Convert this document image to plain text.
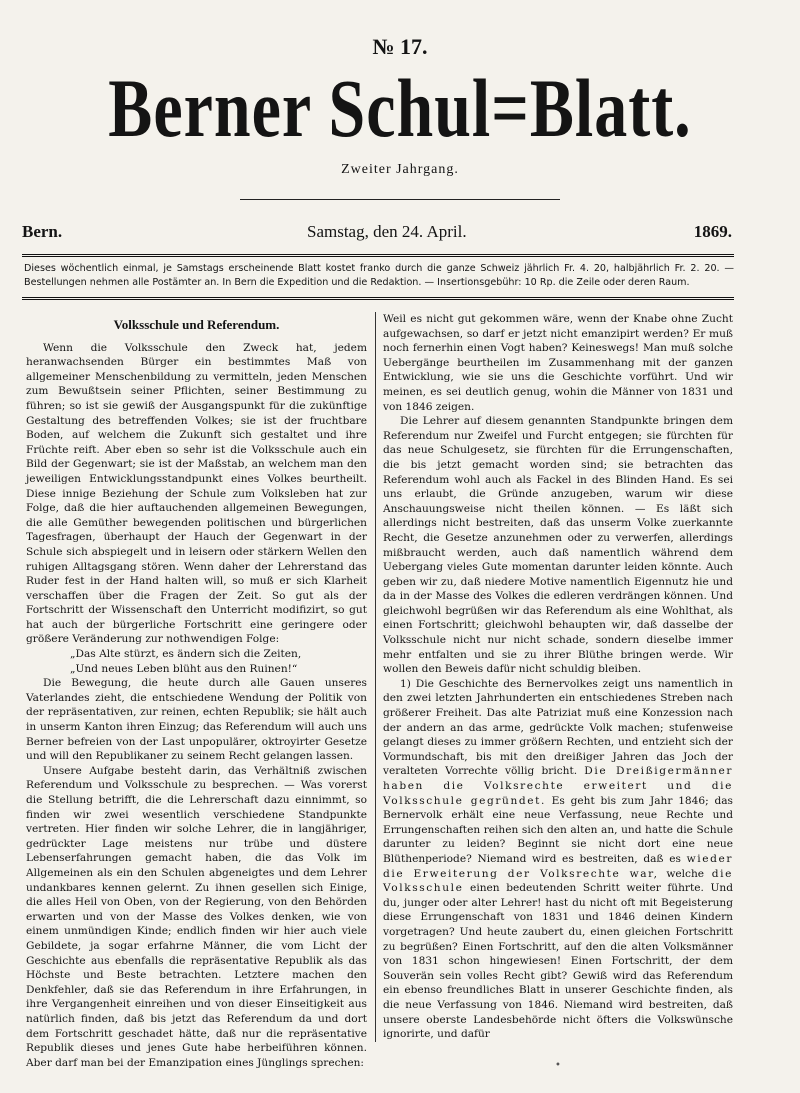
№ 17.
Berner Schul=Blatt.
Zweiter Jahrgang.
Bern.	Samstag, den 24. April.	1869.
Dieses wöchentlich einmal, je Samstags erscheinende Blatt kostet franko durch die ganze Schweiz jährlich Fr. 4. 20, halbjährlich Fr. 2. 20. — Bestellungen nehmen alle Postämter an. In Bern die Expedition und die Redaktion. — Insertionsgebühr: 10 Rp. die Zeile oder deren Raum.
Volksschule und Referendum.

Wenn die Volksschule den Zweck hat, jedem heranwachsenden Bürger ein bestimmtes Maß von allgemeiner Menschenbildung zu vermitteln, jeden Menschen zum Bewußtsein seiner Pflichten, seiner Bestimmung zu führen; so ist sie gewiß der Ausgangspunkt für die zukünftige Gestaltung des betreffenden Volkes; sie ist der fruchtbare Boden, auf welchem die Zukunft sich gestaltet und ihre Früchte reift. Aber eben so sehr ist die Volksschule auch ein Bild der Gegenwart; sie ist der Maßstab, an welchem man den jeweiligen Entwicklungsstandpunkt eines Volkes beurtheilt. Diese innige Beziehung der Schule zum Volksleben hat zur Folge, daß die hier auftauchenden allgemeinen Bewegungen, die alle Gemüther bewegenden politischen und bürgerlichen Tagesfragen, überhaupt der Hauch der Gegenwart in der Schule sich abspiegelt und in leisern oder stärkern Wellen den ruhigen Alltagsgang stören. Wenn daher der Lehrerstand das Ruder fest in der Hand halten will, so muß er sich Klarheit verschaffen über die Fragen der Zeit. So gut als der Fortschritt der Wissenschaft den Unterricht modifizirt, so gut hat auch der bürgerliche Fortschritt eine geringere oder größere Veränderung zur nothwendigen Folge:

„Das Alte stürzt, es ändern sich die Zeiten,

„Und neues Leben blüht aus den Ruinen!“

Die Bewegung, die heute durch alle Gauen unseres Vaterlandes zieht, die entschiedene Wendung der Politik von der repräsentativen, zur reinen, echten Republik; sie hält auch in unserm Kanton ihren Einzug; das Referendum will auch uns Berner befreien von der Last unpopulärer, oktroyirter Gesetze und will den Republikaner zu seinem Recht gelangen lassen.

Unsere Aufgabe besteht darin, das Verhältniß zwischen Referendum und Volksschule zu besprechen. — Was vorerst die Stellung betrifft, die die Lehrerschaft dazu einnimmt, so finden wir zwei wesentlich verschiedene Standpunkte vertreten. Hier finden wir solche Lehrer, die in langjähriger, gedrückter Lage meistens nur trübe und düstere Lebenserfahrungen gemacht haben, die das Volk im Allgemeinen als ein den Schulen abgeneigtes und dem Lehrer undankbares kennen gelernt. Zu ihnen gesellen sich Einige, die alles Heil von Oben, von der Regierung, von den Behörden erwarten und von der Masse des Volkes denken, wie von einem unmündigen Kinde; endlich finden wir hier auch viele Gebildete, ja sogar erfahrne Männer, die vom Licht der Geschichte aus ebenfalls die repräsentative Republik als das Höchste und Beste betrachten. Letztere machen den Denkfehler, daß sie das Referendum in ihre Erfahrungen, in ihre Vergangenheit einreihen und von dieser Einseitigkeit aus natürlich finden, daß bis jetzt das Referendum da und dort dem Fortschritt geschadet hätte, daß nur die repräsentative Republik dieses und jenes Gute habe herbeiführen können. Aber darf man bei der Emanzipation eines Jünglings sprechen:

Weil es nicht gut gekommen wäre, wenn der Knabe ohne Zucht aufgewachsen, so darf er jetzt nicht emanzipirt werden? Er muß noch fernerhin einen Vogt haben? Keineswegs! Man muß solche Uebergänge beurtheilen im Zusammenhang mit der ganzen Entwicklung, wie sie uns die Geschichte vorführt. Und wir meinen, es sei deutlich genug, wohin die Männer von 1831 und von 1846 zeigen.

Die Lehrer auf diesem genannten Standpunkte bringen dem Referendum nur Zweifel und Furcht entgegen; sie fürchten für das neue Schulgesetz, sie fürchten für die Errungenschaften, die bis jetzt gemacht worden sind; sie betrachten das Referendum wohl auch als Fackel in des Blinden Hand. Es sei uns erlaubt, die Gründe anzugeben, warum wir diese Anschauungsweise nicht theilen können. — Es läßt sich allerdings nicht bestreiten, daß das unserm Volke zuerkannte Recht, die Gesetze anzunehmen oder zu verwerfen, allerdings mißbraucht werden, auch daß namentlich während dem Uebergang vieles Gute momentan darunter leiden könnte. Auch geben wir zu, daß niedere Motive namentlich Eigennutz hie und da in der Masse des Volkes die edleren verdrängen können. Und gleichwohl begrüßen wir das Referendum als eine Wohlthat, als einen Fortschritt; gleichwohl behaupten wir, daß dasselbe der Volksschule nicht nur nicht schade, sondern dieselbe immer mehr entfalten und sie zu ihrer Blüthe bringen werde. Wir wollen den Beweis dafür nicht schuldig bleiben.

1) Die Geschichte des Bernervolkes zeigt uns namentlich in den zwei letzten Jahrhunderten ein entschiedenes Streben nach größerer Freiheit. Das alte Patriziat muß eine Konzession nach der andern an das arme, gedrückte Volk machen; stufenweise gelangt dieses zu immer größern Rechten, und entzieht sich der Vormundschaft, bis mit den dreißiger Jahren das Joch der veralteten Vorrechte völlig bricht. Die Dreißigermänner haben die Volksrechte erweitert und die Volksschule gegründet. Es geht bis zum Jahr 1846; das Bernervolk erhält eine neue Verfassung, neue Rechte und Errungenschaften reihen sich den alten an, und hatte die Schule darunter zu leiden? Beginnt sie nicht dort eine neue Blüthenperiode? Niemand wird es bestreiten, daß es wieder die Erweiterung der Volksrechte war, welche die Volksschule einen bedeutenden Schritt weiter führte. Und du, junger oder alter Lehrer! hast du nicht oft mit Begeisterung diese Errungenschaft von 1831 und 1846 deinen Kindern vorgetragen? Und heute zaubert du, einen gleichen Fortschritt zu begrüßen? Einen Fortschritt, auf den die alten Volksmänner von 1831 schon hingewiesen! Einen Fortschritt, der dem Souverän sein volles Recht gibt? Gewiß wird das Referendum ein ebenso freundliches Blatt in unserer Geschichte finden, als die neue Verfassung von 1846. Niemand wird bestreiten, daß unsere oberste Landesbehörde nicht öfters die Volkswünsche ignorirte, und dafür

•
